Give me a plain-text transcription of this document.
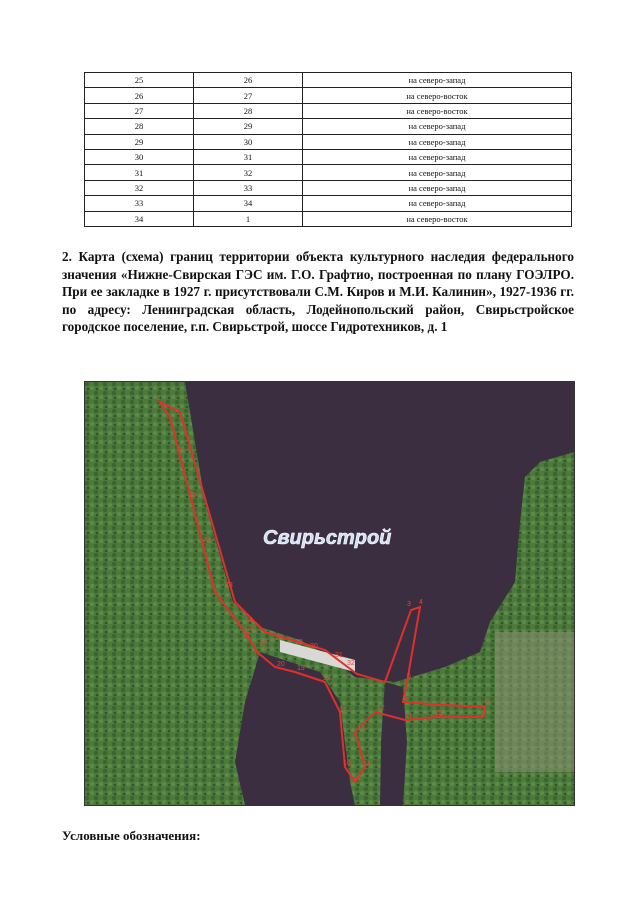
25	26	на северо-запад
26	27	на северо-восток
27	28	на северо-восток
28	29	на северо-запад
29	30	на северо-запад
30	31	на северо-запад
31	32	на северо-запад
32	33	на северо-запад
33	34	на северо-запад
34	1	на северо-восток
2. Карта (схема) границ территории объекта культурного наследия федерального значения «Нижне-Свирская ГЭС им. Г.О. Графтио, построенная по плану ГОЭЛРО. При ее закладке в 1927 г. присутствовали С.М. Киров и М.И. Калинин», 1927-1936 гг. по адресу: Ленинградская область, Лодейнопольский район, Свирьстройское городское поселение, г.п. Свирьстрой, шоссе Гидротехников, д. 1
Свирьстрой
1
2
3 4
5
6	7	8
9
10
11
12
13
14
15
16
17
18
19
20
21
22
23
24
25
26
27	28
29
30
31
32
33
34
Условные обозначения:
